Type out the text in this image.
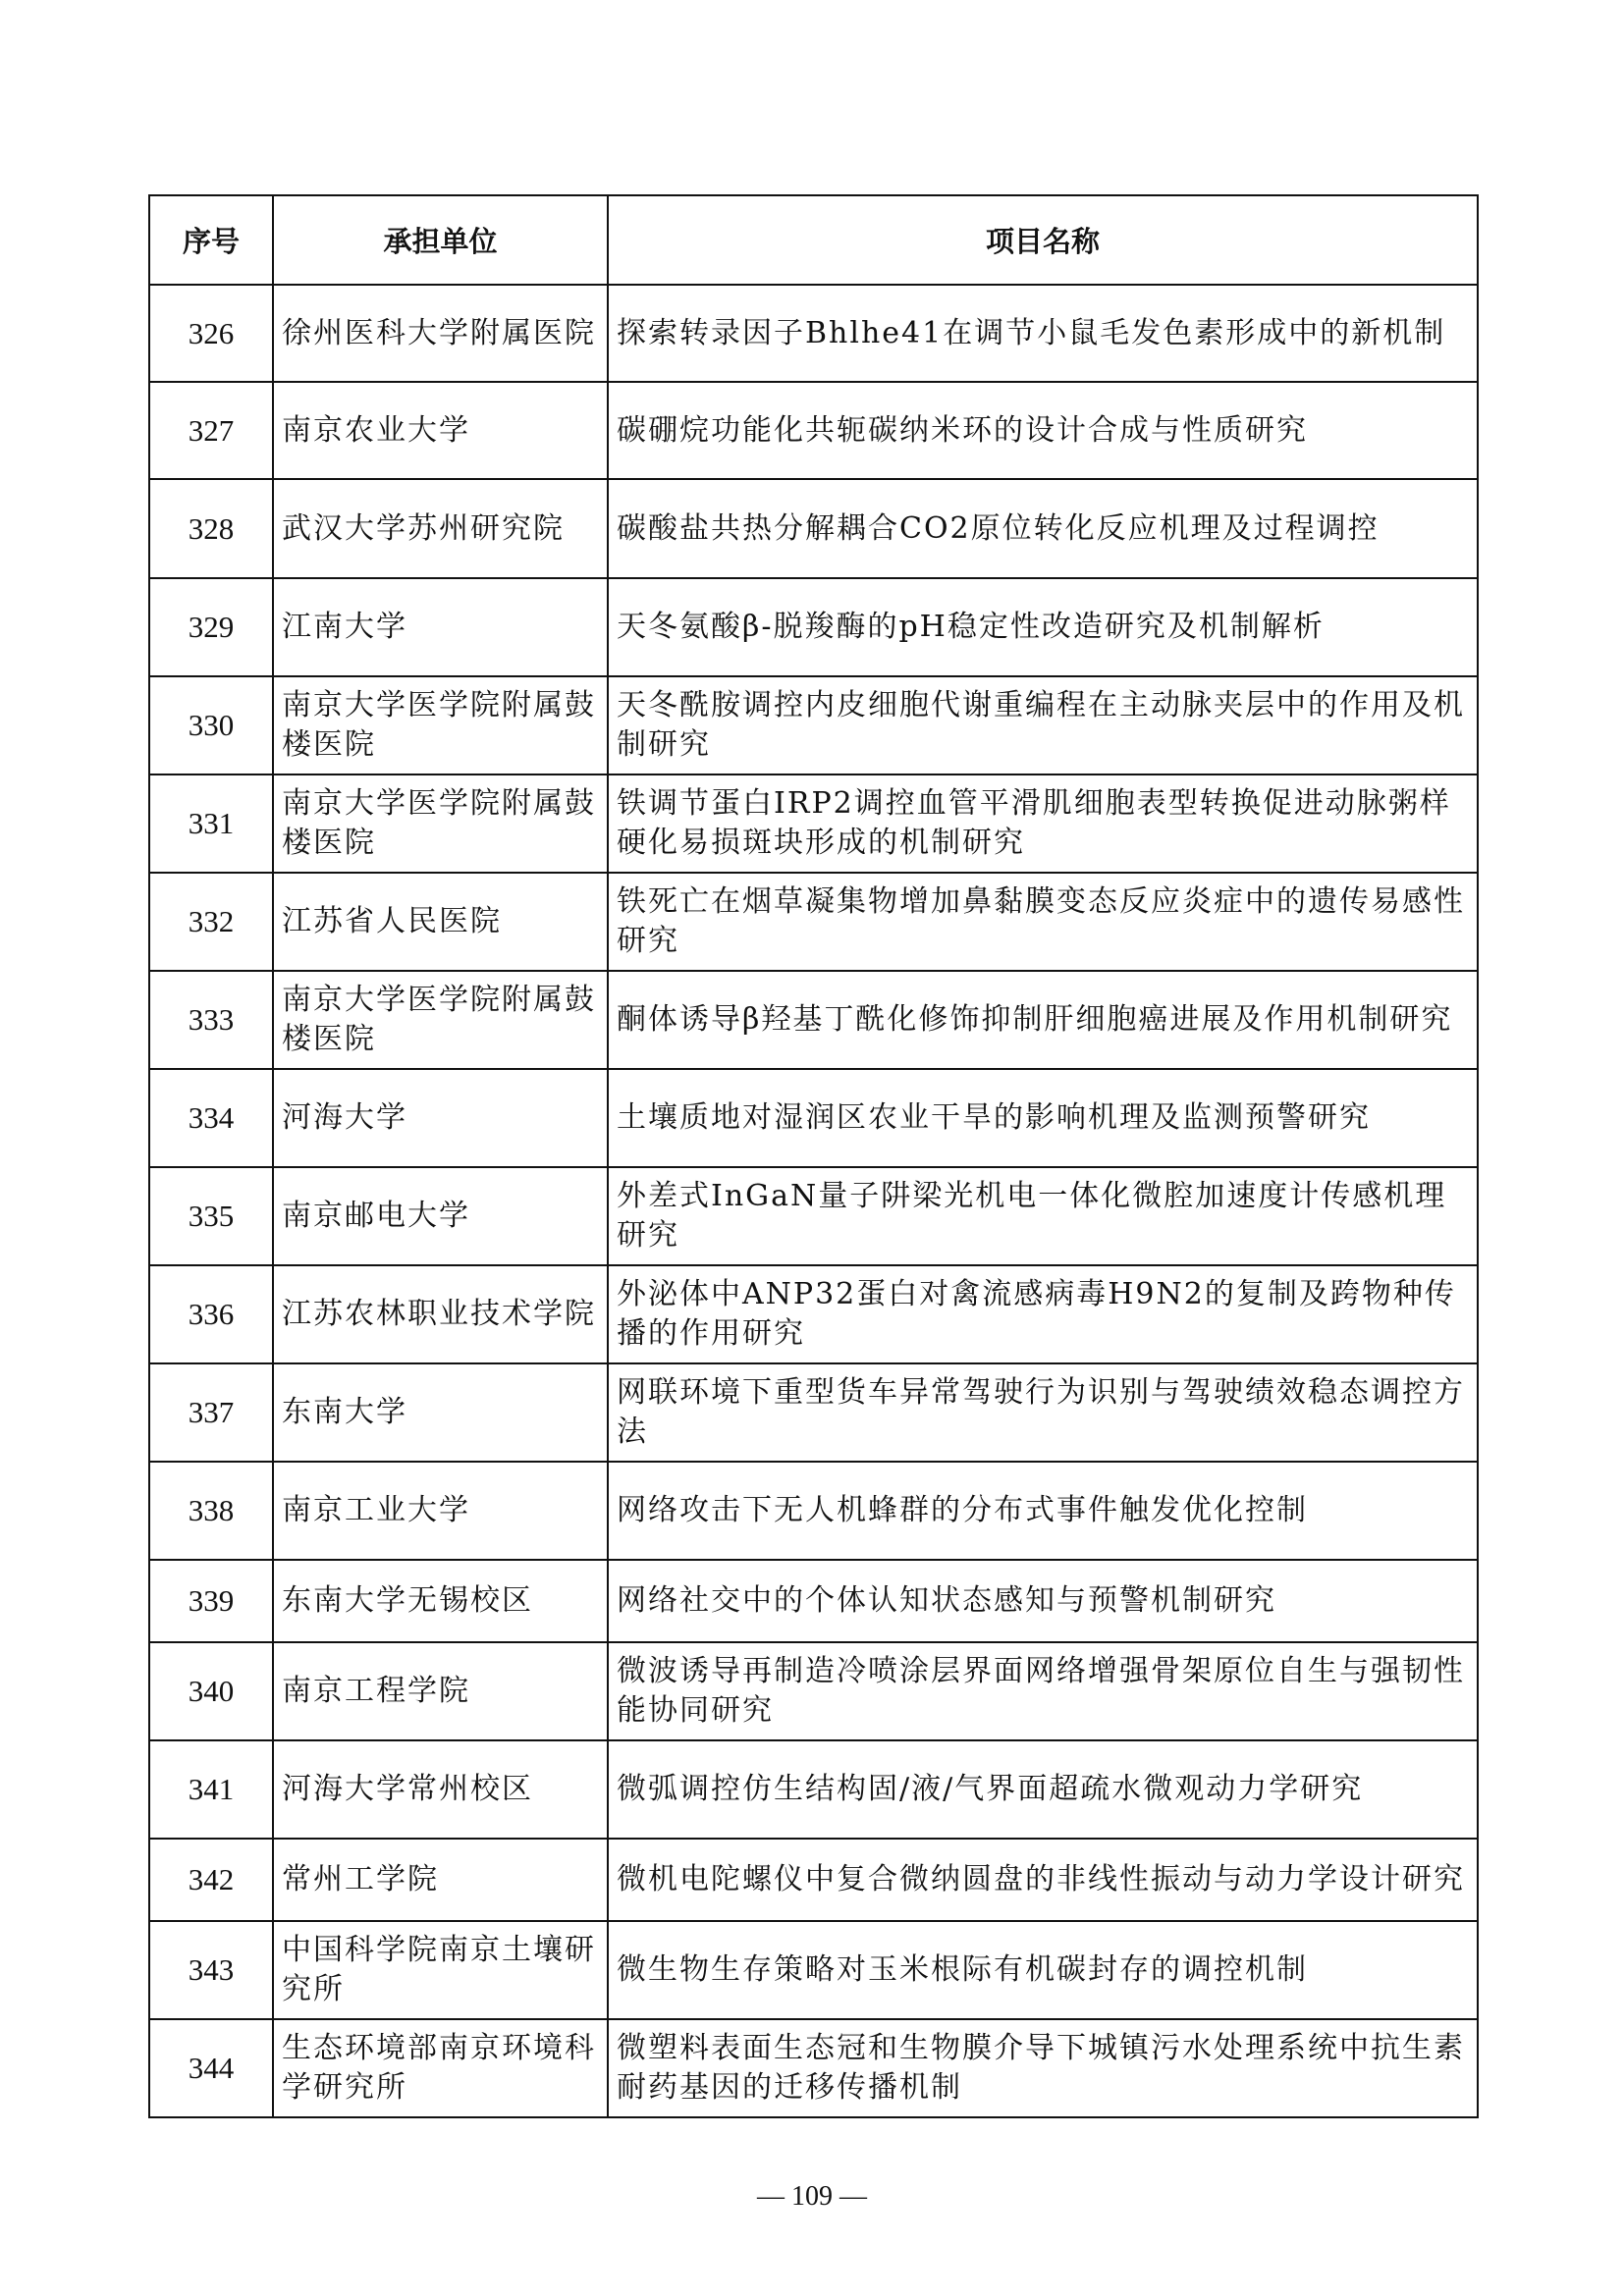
序号	承担单位	项目名称
326	徐州医科大学附属医院	探索转录因子Bhlhe41在调节小鼠毛发色素形成中的新机制
327	南京农业大学	碳硼烷功能化共轭碳纳米环的设计合成与性质研究
328	武汉大学苏州研究院	碳酸盐共热分解耦合CO2原位转化反应机理及过程调控
329	江南大学	天冬氨酸β-脱羧酶的pH稳定性改造研究及机制解析
330	南京大学医学院附属鼓楼医院	天冬酰胺调控内皮细胞代谢重编程在主动脉夹层中的作用及机制研究
331	南京大学医学院附属鼓楼医院	铁调节蛋白IRP2调控血管平滑肌细胞表型转换促进动脉粥样硬化易损斑块形成的机制研究
332	江苏省人民医院	铁死亡在烟草凝集物增加鼻黏膜变态反应炎症中的遗传易感性研究
333	南京大学医学院附属鼓楼医院	酮体诱导β羟基丁酰化修饰抑制肝细胞癌进展及作用机制研究
334	河海大学	土壤质地对湿润区农业干旱的影响机理及监测预警研究
335	南京邮电大学	外差式InGaN量子阱梁光机电一体化微腔加速度计传感机理研究
336	江苏农林职业技术学院	外泌体中ANP32蛋白对禽流感病毒H9N2的复制及跨物种传播的作用研究
337	东南大学	网联环境下重型货车异常驾驶行为识别与驾驶绩效稳态调控方法
338	南京工业大学	网络攻击下无人机蜂群的分布式事件触发优化控制
339	东南大学无锡校区	网络社交中的个体认知状态感知与预警机制研究
340	南京工程学院	微波诱导再制造冷喷涂层界面网络增强骨架原位自生与强韧性能协同研究
341	河海大学常州校区	微弧调控仿生结构固/液/气界面超疏水微观动力学研究
342	常州工学院	微机电陀螺仪中复合微纳圆盘的非线性振动与动力学设计研究
343	中国科学院南京土壤研究所	微生物生存策略对玉米根际有机碳封存的调控机制
344	生态环境部南京环境科学研究所	微塑料表面生态冠和生物膜介导下城镇污水处理系统中抗生素耐药基因的迁移传播机制
— 109 —
